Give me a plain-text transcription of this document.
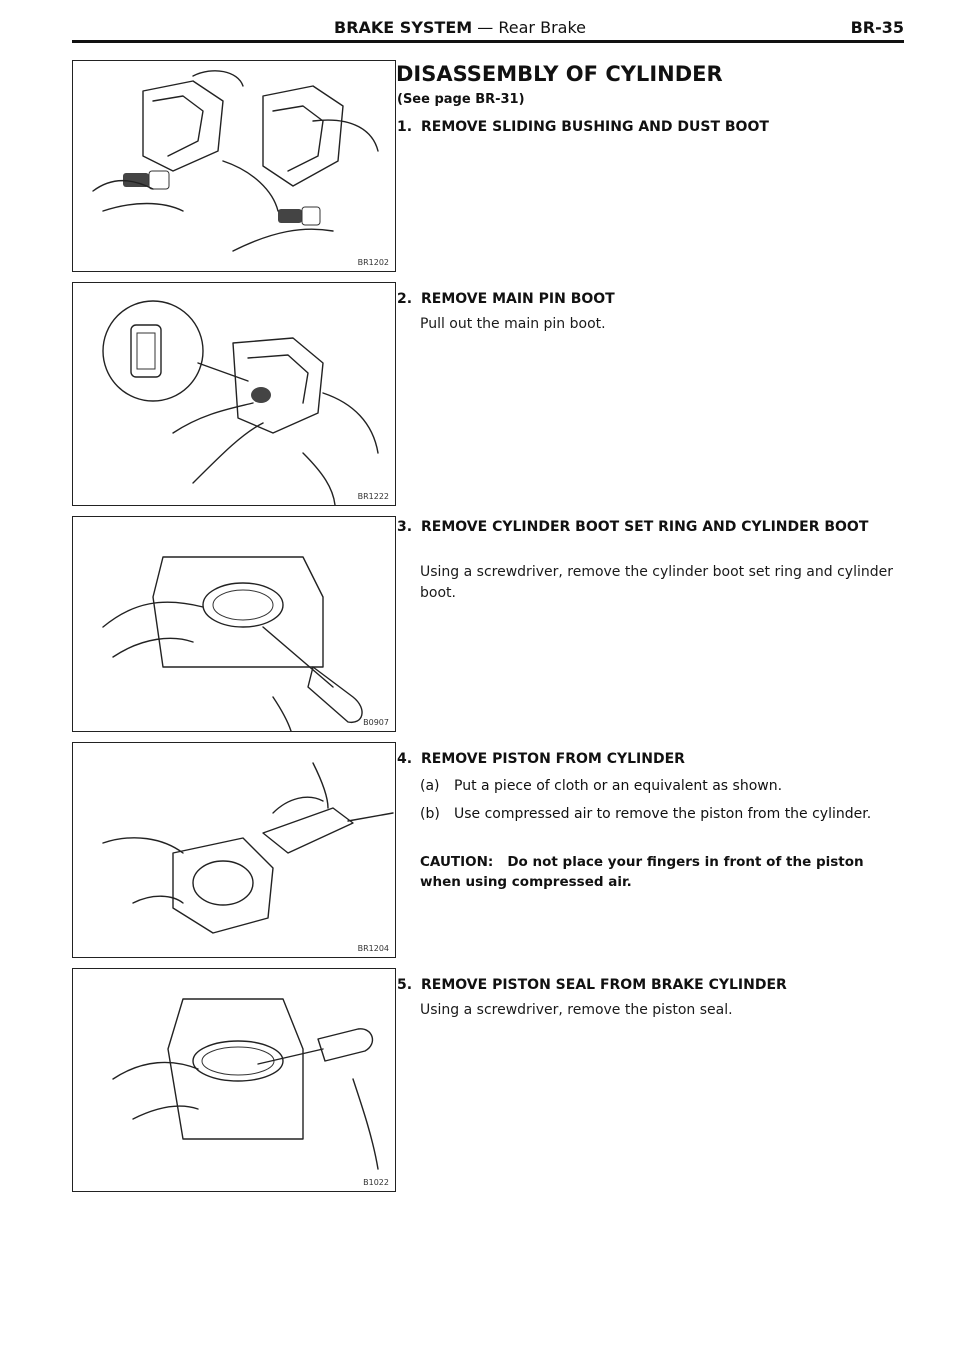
BRAKE SYSTEM — Rear Brake	BR-35
BR1202
BR1222
B0907
BR1204
B1022
DISASSEMBLY OF CYLINDER
(See page BR-31)
1. REMOVE SLIDING BUSHING AND DUST BOOT
2. REMOVE MAIN PIN BOOT
Pull out the main pin boot.
3. REMOVE CYLINDER BOOT SET RING AND CYLINDER BOOT
Using a screwdriver, remove the cylinder boot set ring and cylinder boot.
4. REMOVE PISTON FROM CYLINDER
(a) Put a piece of cloth or an equivalent as shown.
(b) Use compressed air to remove the piston from the cylinder.
CAUTION: Do not place your fingers in front of the piston when using compressed air.
5. REMOVE PISTON SEAL FROM BRAKE CYLINDER
Using a screwdriver, remove the piston seal.
